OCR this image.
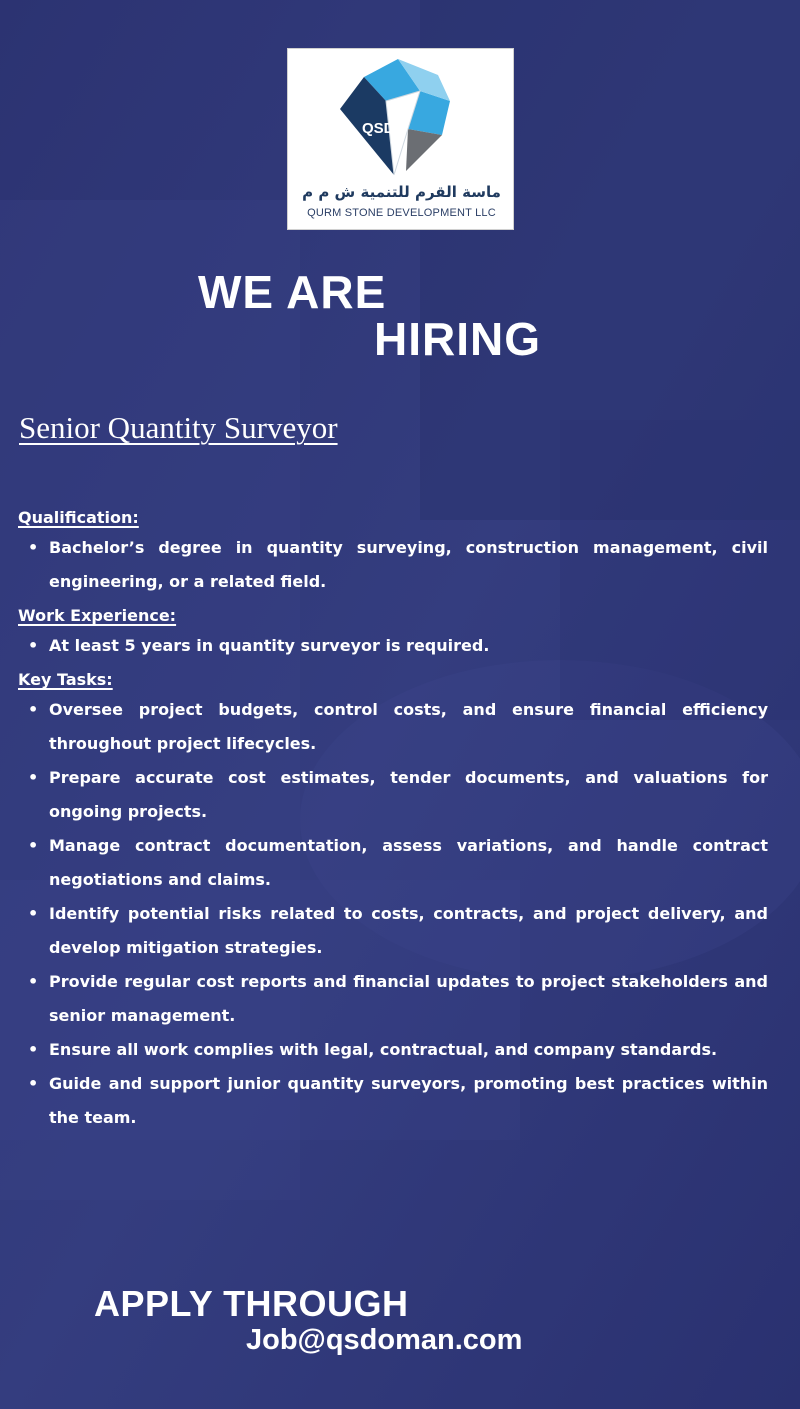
QSD
ماسة القرم للتنمية ش م م
QURM STONE DEVELOPMENT LLC
WE ARE
HIRING
Senior Quantity Surveyor
Qualification:
• Bachelor’s degree in quantity surveying, construction management, civil engineering, or a related field.
Work Experience:
• At least 5 years in quantity surveyor is required.
Key Tasks:
• Oversee project budgets, control costs, and ensure financial efficiency throughout project lifecycles.
• Prepare accurate cost estimates, tender documents, and valuations for ongoing projects.
• Manage contract documentation, assess variations, and handle contract negotiations and claims.
• Identify potential risks related to costs, contracts, and project delivery, and develop mitigation strategies.
• Provide regular cost reports and financial updates to project stakeholders and senior management.
• Ensure all work complies with legal, contractual, and company standards.
• Guide and support junior quantity surveyors, promoting best practices within the team.
APPLY THROUGH
Job@qsdoman.com
